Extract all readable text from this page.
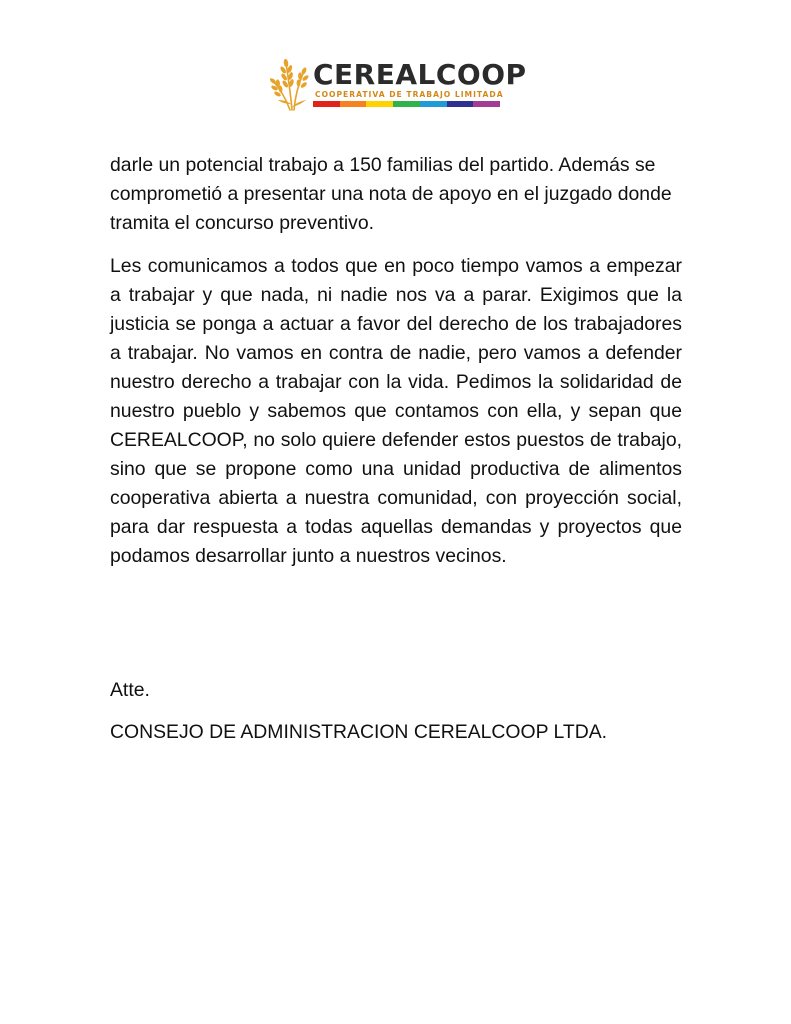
CEREALCOOP
COOPERATIVA DE TRABAJO LIMITADA

darle un potencial trabajo a 150 familias del partido. Además se comprometió a presentar una nota de apoyo en el juzgado donde tramita el concurso preventivo.

Les comunicamos a todos que en poco tiempo vamos a empezar a trabajar y que nada, ni nadie nos va a parar. Exigimos que la justicia se ponga a actuar a favor del derecho de los trabajadores a trabajar. No vamos en contra de nadie, pero vamos a defender nuestro derecho a trabajar con la vida. Pedimos la solidaridad de nuestro pueblo y sabemos que contamos con ella, y sepan que CEREALCOOP, no solo quiere defender estos puestos de trabajo, sino que se propone como una unidad productiva de alimentos cooperativa abierta a nuestra comunidad, con proyección social, para dar respuesta a todas aquellas demandas y proyectos que podamos desarrollar junto a nuestros vecinos.

Atte.

CONSEJO DE ADMINISTRACION CEREALCOOP LTDA.
